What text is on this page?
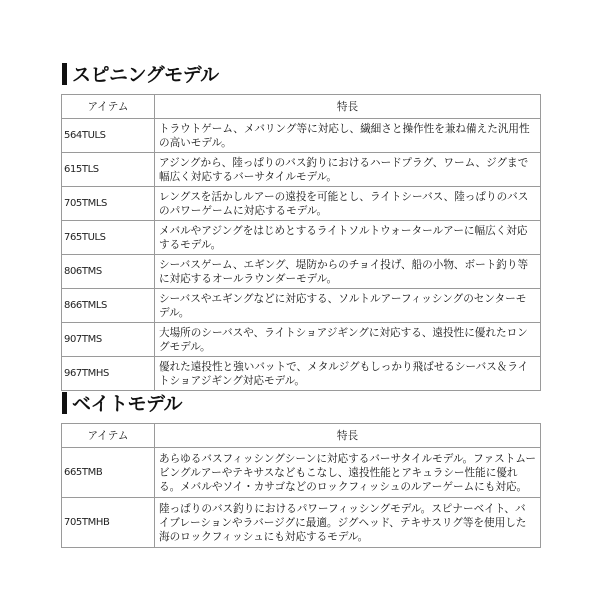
スピニングモデル
アイテム	特長
564TULS	トラウトゲーム、メバリング等に対応し、繊細さと操作性を兼ね備えた汎用性の高いモデル。
615TLS	アジングから、陸っぱりのバス釣りにおけるハードプラグ、ワーム、ジグまで幅広く対応するバーサタイルモデル。
705TMLS	レングスを活かしルアーの遠投を可能とし、ライトシーバス、陸っぱりのバスのパワーゲームに対応するモデル。
765TULS	メバルやアジングをはじめとするライトソルトウォータールアーに幅広く対応するモデル。
806TMS	シーバスゲーム、エギング、堤防からのチョイ投げ、船の小物、ボート釣り等に対応するオールラウンダーモデル。
866TMLS	シーバスやエギングなどに対応する、ソルトルアーフィッシングのセンターモデル。
907TMS	大場所のシーバスや、ライトショアジギングに対応する、遠投性に優れたロングモデル。
967TMHS	優れた遠投性と強いバットで、メタルジグもしっかり飛ばせるシーバス＆ライトショアジギング対応モデル。
ベイトモデル
アイテム	特長
665TMB	あらゆるバスフィッシングシーンに対応するバーサタイルモデル。ファストムービングルアーやテキサスなどもこなし、遠投性能とアキュラシー性能に優れる。メバルやソイ・カサゴなどのロックフィッシュのルアーゲームにも対応。
705TMHB	陸っぱりのバス釣りにおけるパワーフィッシングモデル。スピナーベイト、バイブレーションやラバージグに最適。ジグヘッド、テキサスリグ等を使用した海のロックフィッシュにも対応するモデル。
